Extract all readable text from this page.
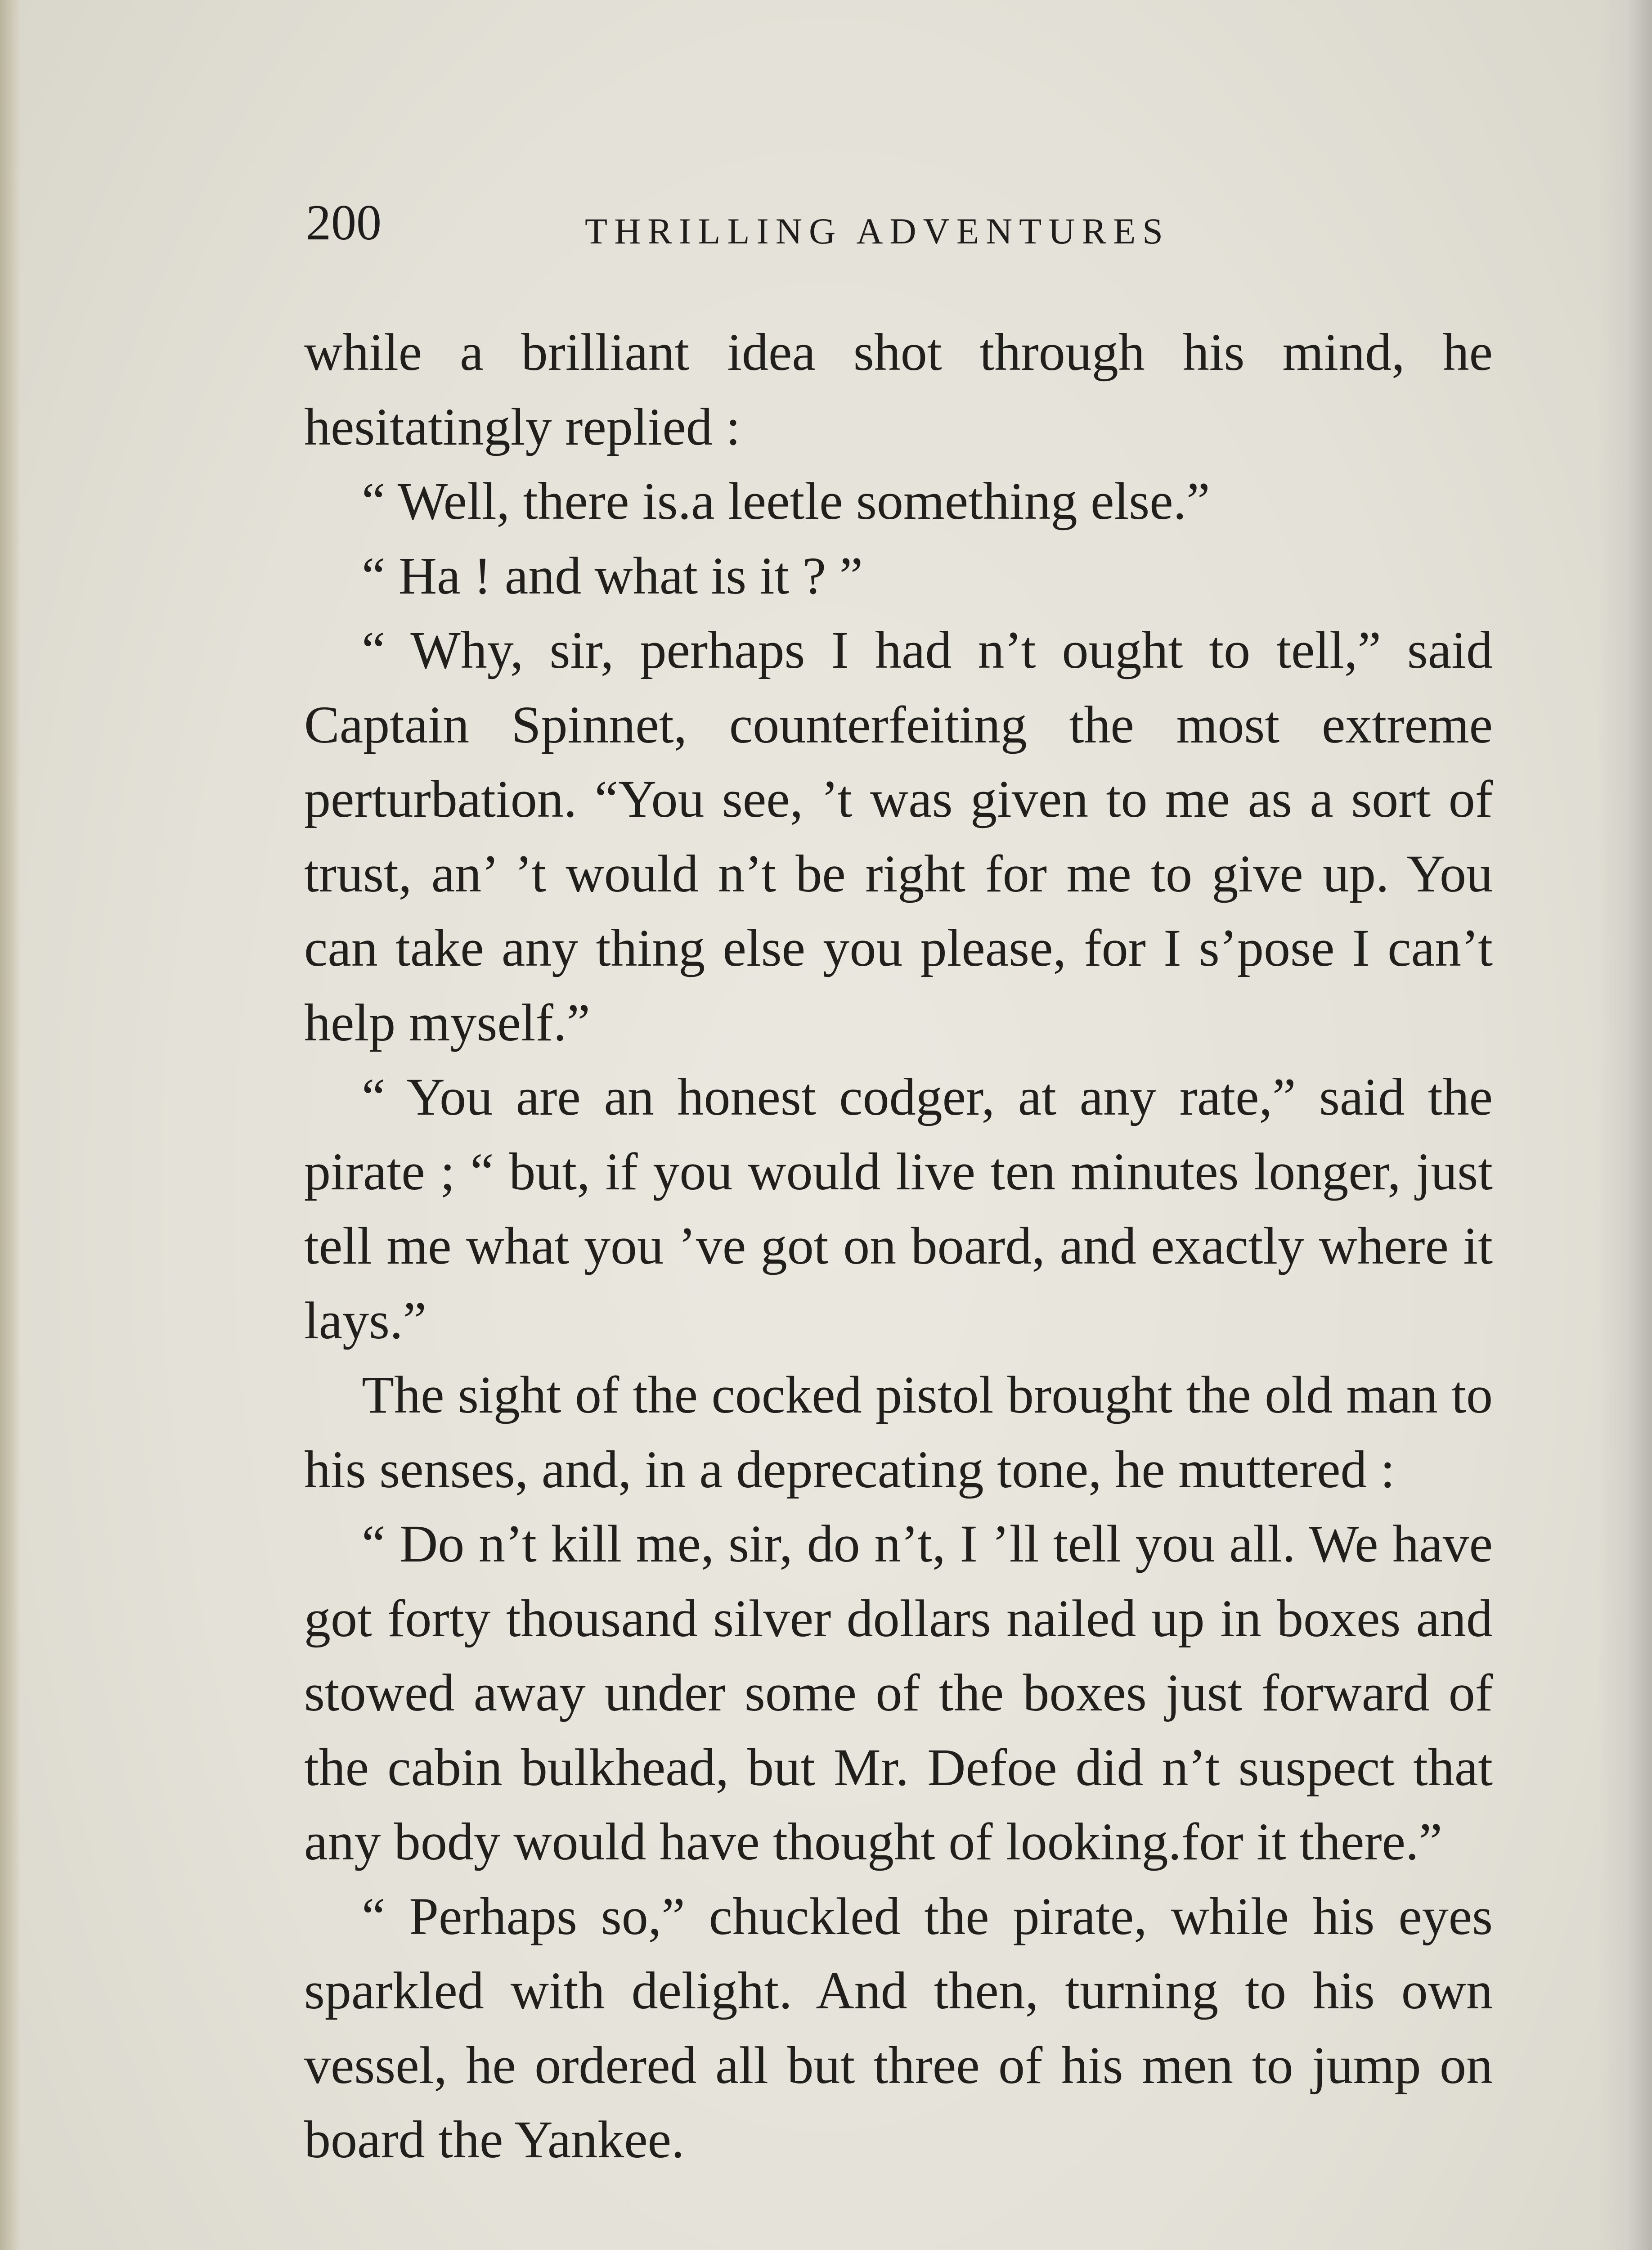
200	THRILLING ADVENTURES

while a brilliant idea shot through his mind, he hesitatingly replied :

“ Well, there is.a leetle something else.”

“ Ha ! and what is it ? ”

“ Why, sir, perhaps I had n’t ought to tell,” said Captain Spinnet, counterfeiting the most extreme perturbation. “You see, ’t was given to me as a sort of trust, an’ ’t would n’t be right for me to give up. You can take any thing else you please, for I s’pose I can’t help myself.”

“ You are an honest codger, at any rate,” said the pirate ; “ but, if you would live ten minutes longer, just tell me what you ’ve got on board, and exactly where it lays.”

The sight of the cocked pistol brought the old man to his senses, and, in a deprecating tone, he muttered :

“ Do n’t kill me, sir, do n’t, I ’ll tell you all. We have got forty thousand silver dollars nailed up in boxes and stowed away under some of the boxes just forward of the cabin bulkhead, but Mr. Defoe did n’t suspect that any body would have thought of looking.for it there.”

“ Perhaps so,” chuckled the pirate, while his eyes sparkled with delight. And then, turning to his own vessel, he ordered all but three of his men to jump on board the Yankee.
